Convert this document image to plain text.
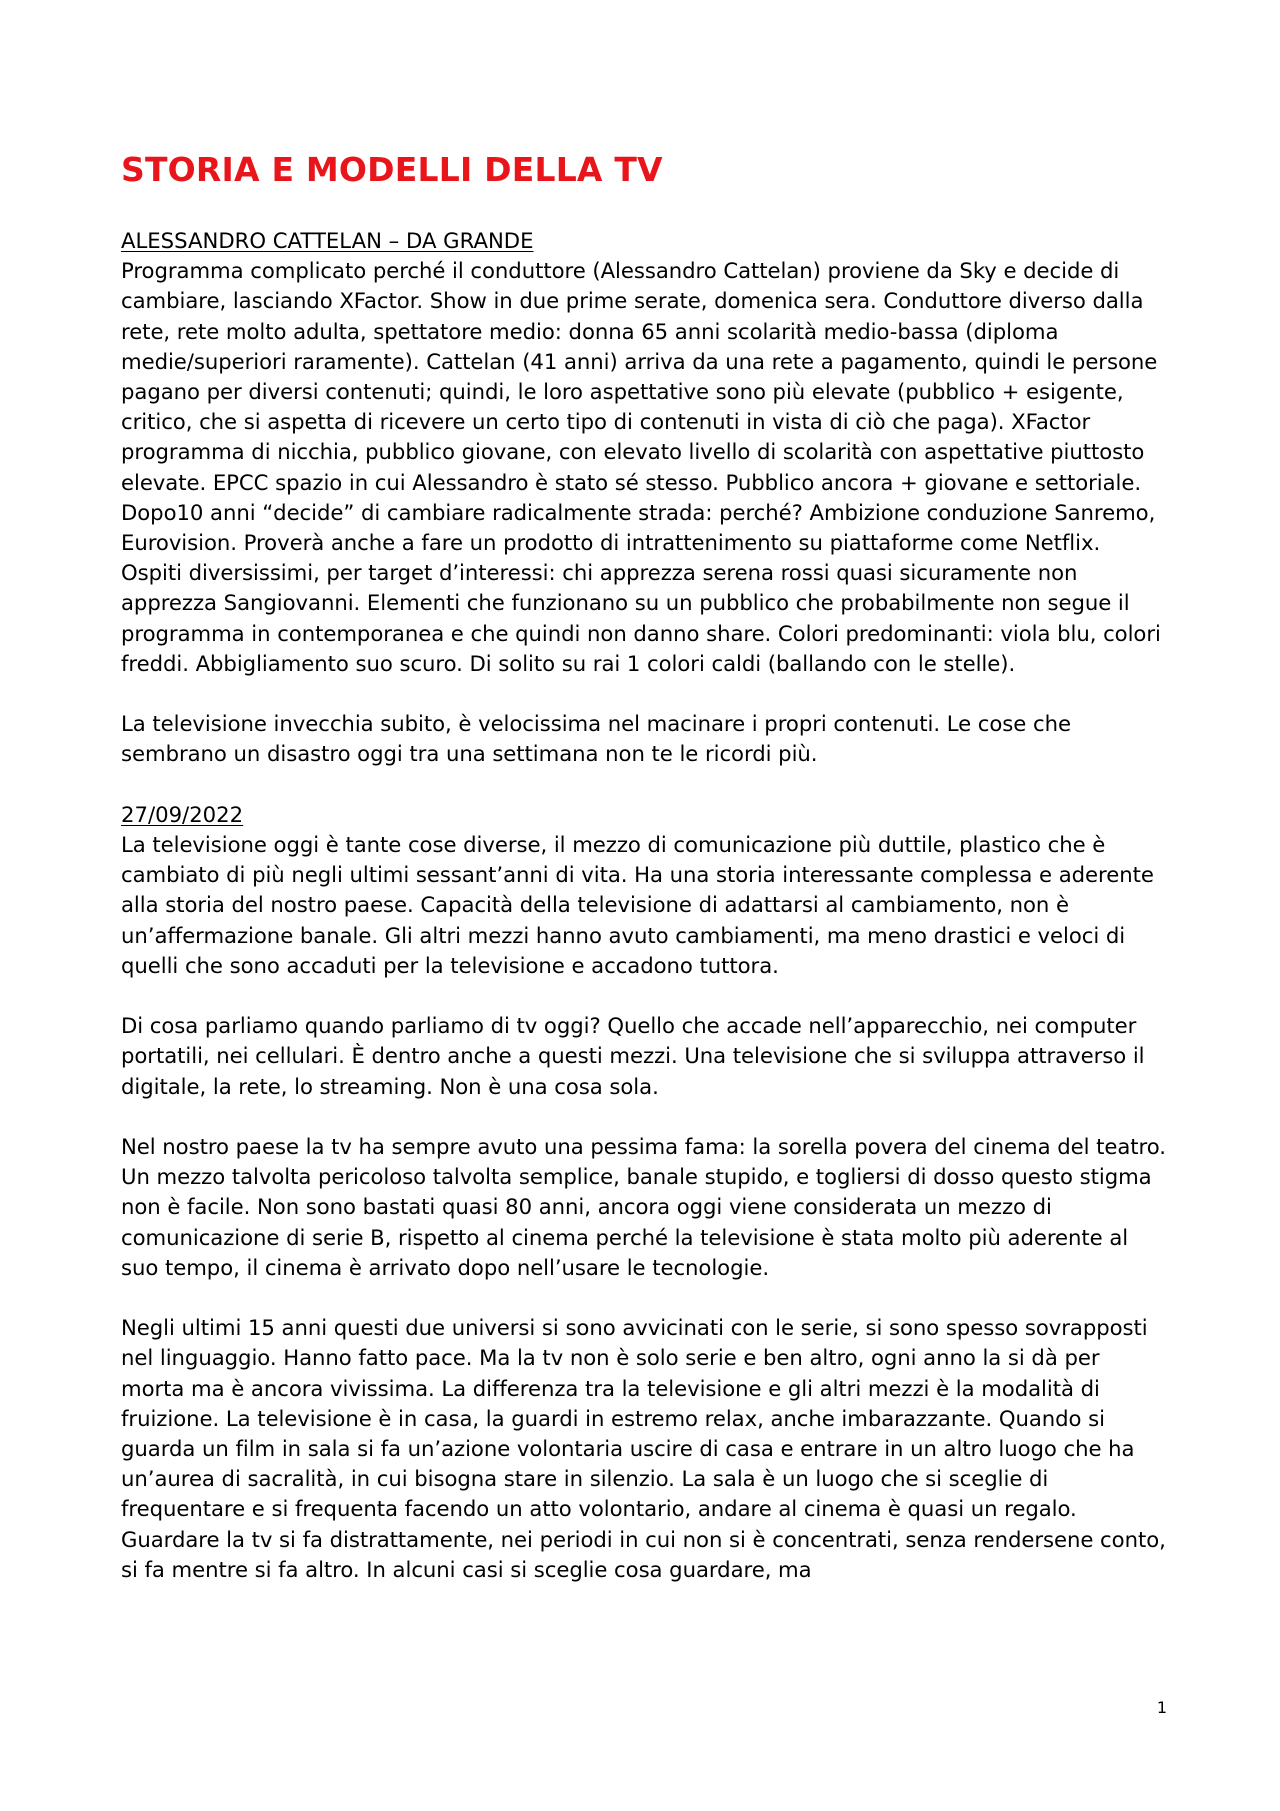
STORIA E MODELLI DELLA TV
ALESSANDRO CATTELAN – DA GRANDE

Programma complicato perché il conduttore (Alessandro Cattelan) proviene da Sky e decide di cambiare, lasciando XFactor. Show in due prime serate, domenica sera. Conduttore diverso dalla rete, rete molto adulta, spettatore medio: donna 65 anni scolarità medio-bassa (diploma medie/superiori raramente). Cattelan (41 anni) arriva da una rete a pagamento, quindi le persone pagano per diversi contenuti; quindi, le loro aspettative sono più elevate (pubblico + esigente, critico, che si aspetta di ricevere un certo tipo di contenuti in vista di ciò che paga). XFactor programma di nicchia, pubblico giovane, con elevato livello di scolarità con aspettative piuttosto elevate. EPCC spazio in cui Alessandro è stato sé stesso. Pubblico ancora + giovane e settoriale. Dopo10 anni “decide” di cambiare radicalmente strada: perché? Ambizione conduzione Sanremo, Eurovision. Proverà anche a fare un prodotto di intrattenimento su piattaforme come Netflix. Ospiti diversissimi, per target d’interessi: chi apprezza serena rossi quasi sicuramente non apprezza Sangiovanni. Elementi che funzionano su un pubblico che probabilmente non segue il programma in contemporanea e che quindi non danno share. Colori predominanti: viola blu, colori freddi. Abbigliamento suo scuro. Di solito su rai 1 colori caldi (ballando con le stelle).

La televisione invecchia subito, è velocissima nel macinare i propri contenuti. Le cose che sembrano un disastro oggi tra una settimana non te le ricordi più.

27/09/2022

La televisione oggi è tante cose diverse, il mezzo di comunicazione più duttile, plastico che è cambiato di più negli ultimi sessant’anni di vita. Ha una storia interessante complessa e aderente alla storia del nostro paese. Capacità della televisione di adattarsi al cambiamento, non è un’affermazione banale. Gli altri mezzi hanno avuto cambiamenti, ma meno drastici e veloci di quelli che sono accaduti per la televisione e accadono tuttora.

Di cosa parliamo quando parliamo di tv oggi? Quello che accade nell’apparecchio, nei computer portatili, nei cellulari. È dentro anche a questi mezzi. Una televisione che si sviluppa attraverso il digitale, la rete, lo streaming. Non è una cosa sola.

Nel nostro paese la tv ha sempre avuto una pessima fama: la sorella povera del cinema del teatro. Un mezzo talvolta pericoloso talvolta semplice, banale stupido, e togliersi di dosso questo stigma non è facile. Non sono bastati quasi 80 anni, ancora oggi viene considerata un mezzo di comunicazione di serie B, rispetto al cinema perché la televisione è stata molto più aderente al suo tempo, il cinema è arrivato dopo nell’usare le tecnologie.

Negli ultimi 15 anni questi due universi si sono avvicinati con le serie, si sono spesso sovrapposti nel linguaggio. Hanno fatto pace. Ma la tv non è solo serie e ben altro, ogni anno la si dà per morta ma è ancora vivissima. La differenza tra la televisione e gli altri mezzi è la modalità di fruizione. La televisione è in casa, la guardi in estremo relax, anche imbarazzante. Quando si guarda un film in sala si fa un’azione volontaria uscire di casa e entrare in un altro luogo che ha un’aurea di sacralità, in cui bisogna stare in silenzio. La sala è un luogo che si sceglie di frequentare e si frequenta facendo un atto volontario, andare al cinema è quasi un regalo.

Guardare la tv si fa distrattamente, nei periodi in cui non si è concentrati, senza rendersene conto, si fa mentre si fa altro. In alcuni casi si sceglie cosa guardare, ma

1
